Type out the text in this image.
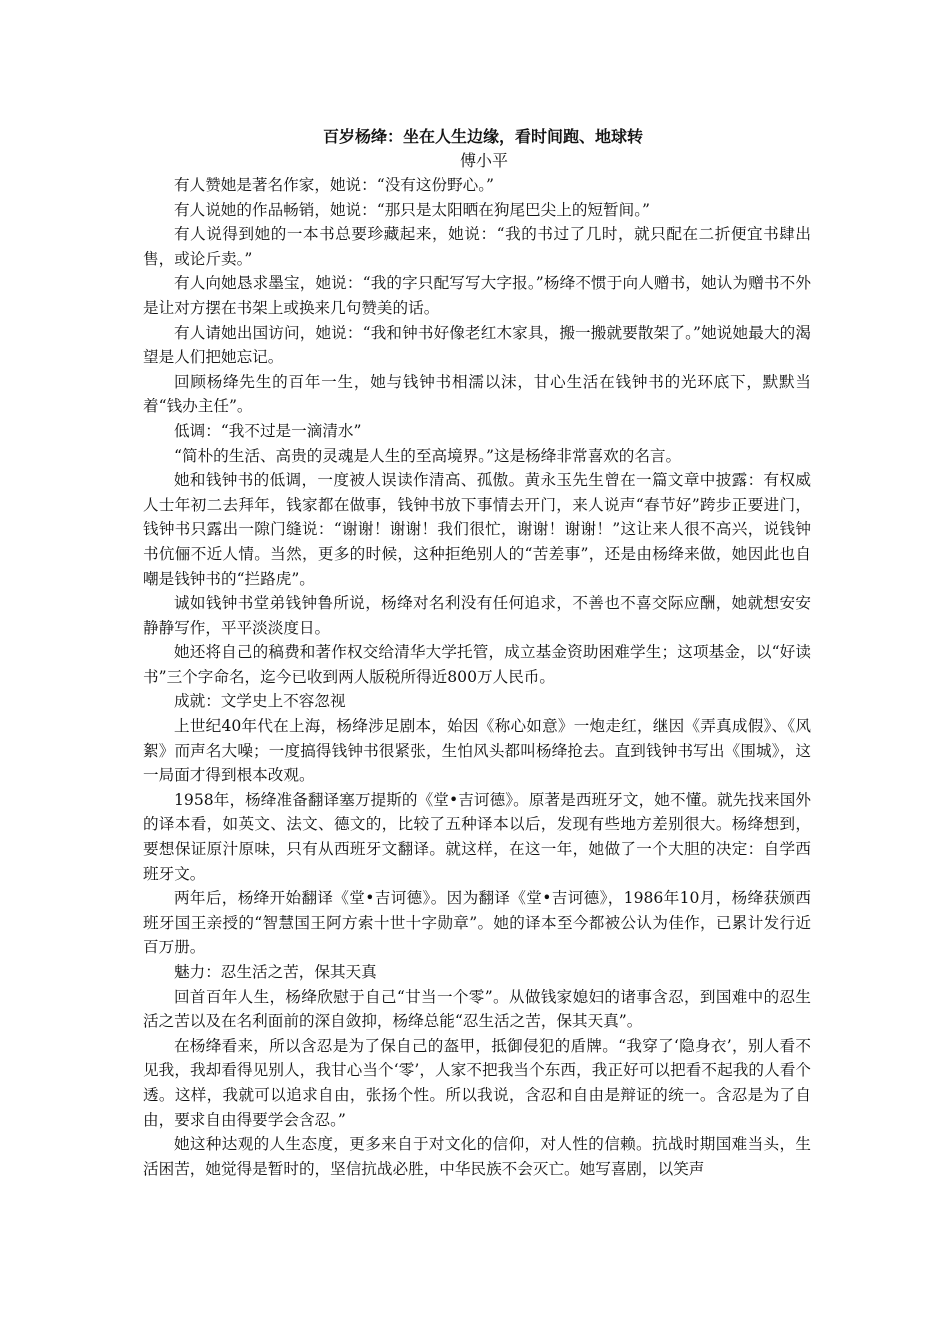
百岁杨绛：坐在人生边缘，看时间跑、地球转
傅小平

有人赞她是著名作家，她说：“没有这份野心。”

有人说她的作品畅销，她说：“那只是太阳晒在狗尾巴尖上的短暂间。”

有人说得到她的一本书总要珍藏起来，她说：“我的书过了几时，就只配在二折便宜书肆出售，或论斤卖。”

有人向她恳求墨宝，她说：“我的字只配写写大字报。”杨绛不惯于向人赠书，她认为赠书不外是让对方摆在书架上或换来几句赞美的话。

有人请她出国访问，她说：“我和钟书好像老红木家具，搬一搬就要散架了。”她说她最大的渴望是人们把她忘记。

回顾杨绛先生的百年一生，她与钱钟书相濡以沫，甘心生活在钱钟书的光环底下，默默当着“钱办主任”。

低调：“我不过是一滴清水”

“简朴的生活、高贵的灵魂是人生的至高境界。”这是杨绛非常喜欢的名言。

她和钱钟书的低调，一度被人误读作清高、孤傲。黄永玉先生曾在一篇文章中披露：有权威人士年初二去拜年，钱家都在做事，钱钟书放下事情去开门，来人说声“春节好”跨步正要进门，钱钟书只露出一隙门缝说：“谢谢！谢谢！我们很忙，谢谢！谢谢！”这让来人很不高兴，说钱钟书伉俪不近人情。当然，更多的时候，这种拒绝别人的“苦差事”，还是由杨绛来做，她因此也自嘲是钱钟书的“拦路虎”。

诚如钱钟书堂弟钱钟鲁所说，杨绛对名利没有任何追求，不善也不喜交际应酬，她就想安安静静写作，平平淡淡度日。

她还将自己的稿费和著作权交给清华大学托管，成立基金资助困难学生；这项基金，以“好读书”三个字命名，迄今已收到两人版税所得近800万人民币。

成就：文学史上不容忽视

上世纪40年代在上海，杨绛涉足剧本，始因《称心如意》一炮走红，继因《弄真成假》、《风絮》而声名大噪；一度搞得钱钟书很紧张，生怕风头都叫杨绛抢去。直到钱钟书写出《围城》，这一局面才得到根本改观。

1958年，杨绛准备翻译塞万提斯的《堂•吉诃德》。原著是西班牙文，她不懂。就先找来国外的译本看，如英文、法文、德文的，比较了五种译本以后，发现有些地方差别很大。杨绛想到，要想保证原汁原味，只有从西班牙文翻译。就这样，在这一年，她做了一个大胆的决定：自学西班牙文。

两年后，杨绛开始翻译《堂•吉诃德》。因为翻译《堂•吉诃德》，1986年10月，杨绛获颁西班牙国王亲授的“智慧国王阿方索十世十字勋章”。她的译本至今都被公认为佳作，已累计发行近百万册。

魅力：忍生活之苦，保其天真

回首百年人生，杨绛欣慰于自己“甘当一个零”。从做钱家媳妇的诸事含忍，到国难中的忍生活之苦以及在名利面前的深自敛抑，杨绛总能“忍生活之苦，保其天真”。

在杨绛看来，所以含忍是为了保自己的盔甲，抵御侵犯的盾牌。“我穿了‘隐身衣’，别人看不见我，我却看得见别人，我甘心当个‘零’，人家不把我当个东西，我正好可以把看不起我的人看个透。这样，我就可以追求自由，张扬个性。所以我说，含忍和自由是辩证的统一。含忍是为了自由，要求自由得要学会含忍。”

她这种达观的人生态度，更多来自于对文化的信仰，对人性的信赖。抗战时期国难当头，生活困苦，她觉得是暂时的，坚信抗战必胜，中华民族不会灭亡。她写喜剧，以笑声
